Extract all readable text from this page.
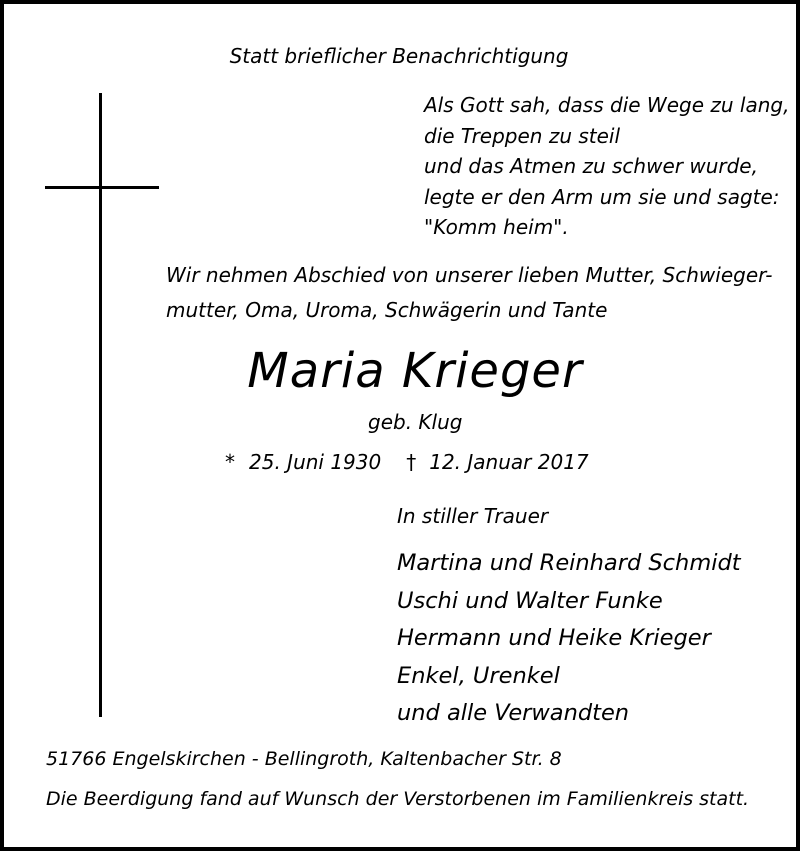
Statt brieflicher Benachrichtigung
Als Gott sah, dass die Wege zu lang,
die Treppen zu steil
und das Atmen zu schwer wurde,
legte er den Arm um sie und sagte:
"Komm heim".
Wir nehmen Abschied von unserer lieben Mutter, Schwieger-
mutter, Oma, Uroma, Schwägerin und Tante
Maria Krieger
geb. Klug
* 25. Juni 1930 † 12. Januar 2017
In stiller Trauer
Martina und Reinhard Schmidt
Uschi und Walter Funke
Hermann und Heike Krieger
Enkel, Urenkel
und alle Verwandten
51766 Engelskirchen - Bellingroth, Kaltenbacher Str. 8
Die Beerdigung fand auf Wunsch der Verstorbenen im Familienkreis statt.
